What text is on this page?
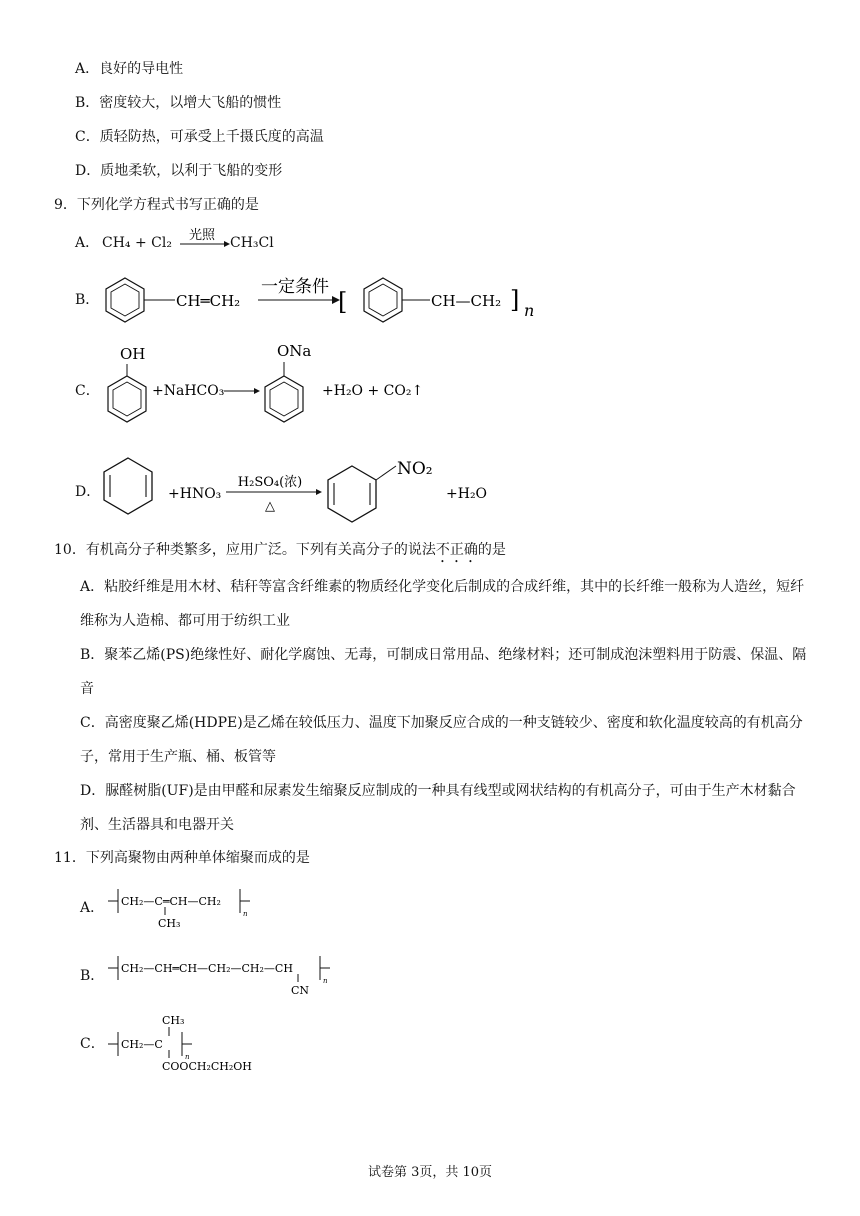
A．良好的导电性
B．密度较大，以增大飞船的惯性
C．质轻防热，可承受上千摄氏度的高温
D．质地柔软，以利于飞船的变形
9．下列化学方程式书写正确的是
A． CH₄ + Cl₂ 光照 CH₃Cl
B．	CH═CH₂
一定条件
[	CH—CH₂ ] n
C．
OH
+NaHCO₃
ONa
+H₂O + CO₂↑
D．	+HNO₃
H₂SO₄(浓)
△
NO₂
+H₂O
10．有机高分子种类繁多，应用广泛。下列有关高分子的说法不正确的是
A．粘胶纤维是用木材、秸秆等富含纤维素的物质经化学变化后制成的合成纤维，其中的长纤维一般称为人造丝，短纤维称为人造棉、都可用于纺织工业
B．聚苯乙烯(PS)绝缘性好、耐化学腐蚀、无毒，可制成日常用品、绝缘材料；还可制成泡沫塑料用于防震、保温、隔音
C．高密度聚乙烯(HDPE)是乙烯在较低压力、温度下加聚反应合成的一种支链较少、密度和软化温度较高的有机高分子，常用于生产瓶、桶、板管等
D．脲醛树脂(UF)是由甲醛和尿素发生缩聚反应制成的一种具有线型或网状结构的有机高分子，可由于生产木材黏合剂、生活器具和电器开关
11．下列高聚物由两种单体缩聚而成的是
A． CH₂—C═CH—CH₂
n
CH₃
B． CH₂—CH═CH—CH₂—CH₂—CH
n
CN
C．
CH₃
CH₂—C
n
COOCH₂CH₂OH
试卷第 3页，共 10页
